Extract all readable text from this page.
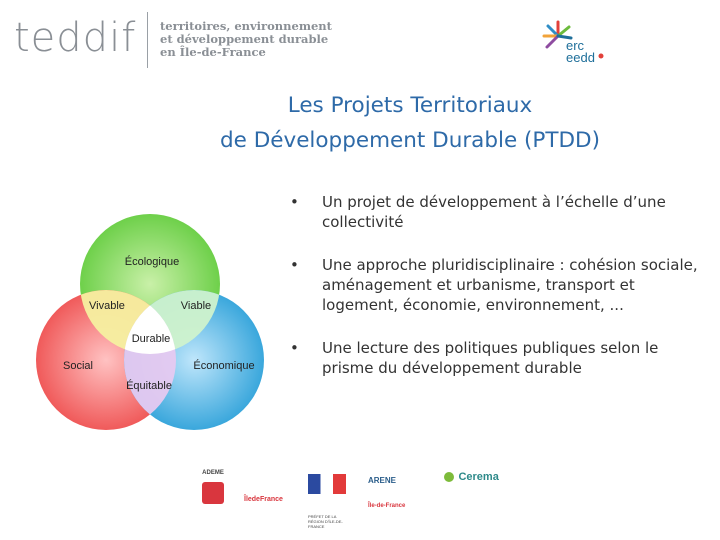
teddif territoires, environnement
et développement durable
en Île-de-France	erc
eedd
Les Projets Territoriaux
de Développement Durable (PTDD)
Écologique
Vivable	Viable
Durable
Social	Économique
Équitable
• Un projet de développement à l’échelle d’une collectivité
• Une approche pluridisciplinaire : cohésion sociale, aménagement et urbanisme, transport et logement, économie, environnement, ...
• Une lecture des politiques publiques selon le prisme du développement durable
ADEME
ÎledeFrance
PRÉFET DE LA RÉGION D'ÎLE-DE-FRANCE
ARENE
Île-de-France
Cerema
